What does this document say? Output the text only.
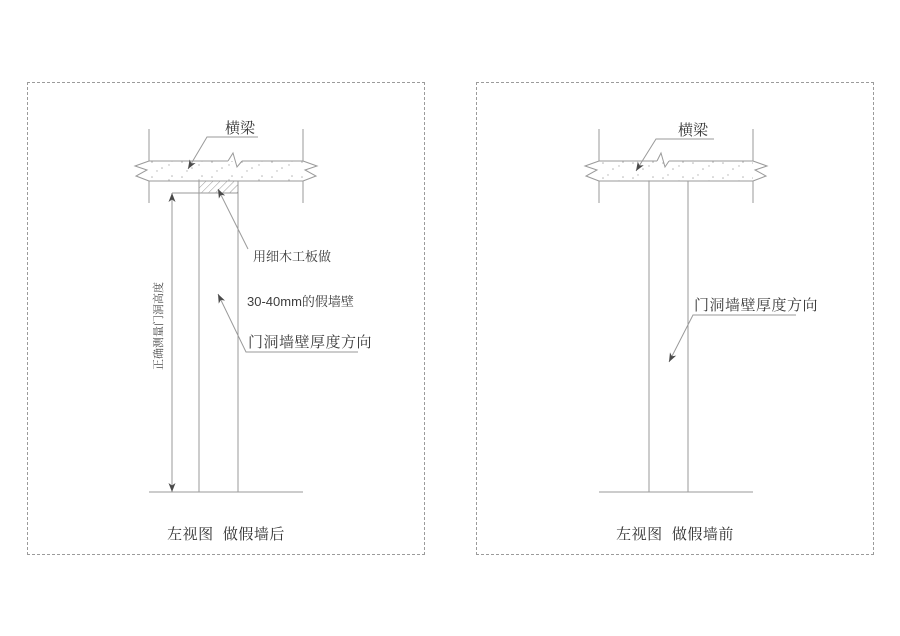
横梁

用细木工板做

30-40mm的假墙壁

门洞墙壁厚度方向
正确测量门洞高度
左视图  做假墙后
横梁
门洞墙壁厚度方向
左视图  做假墙前
